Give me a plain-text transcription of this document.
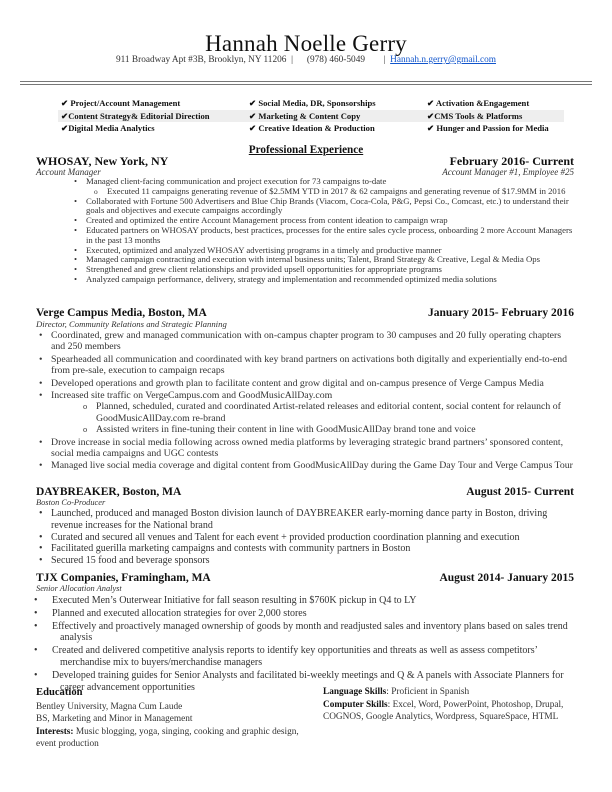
Hannah Noelle Gerry
911 Broadway Apt #3B, Brooklyn, NY 11206 | (978) 460-5049 | Hannah.n.gerry@gmail.com
✔ Project/Account Management	✔ Social Media, DR, Sponsorships	✔ Activation &Engagement
✔Content Strategy& Editorial Direction	✔ Marketing & Content Copy	✔CMS Tools & Platforms
✔Digital Media Analytics	✔ Creative Ideation & Production	✔ Hunger and Passion for Media
Professional Experience
WHOSAY, New York, NY	February 2016- Current
Account Manager	Account Manager #1, Employee #25
• Managed client-facing communication and project execution for 73 campaigns to-date
o Executed 11 campaigns generating revenue of $2.5MM YTD in 2017 & 62 campaigns and generating revenue of $17.9MM in 2016
• Collaborated with Fortune 500 Advertisers and Blue Chip Brands (Viacom, Coca-Cola, P&G, Pepsi Co., Comcast, etc.) to understand their goals and objectives and execute campaigns accordingly
• Created and optimized the entire Account Management process from content ideation to campaign wrap
• Educated partners on WHOSAY products, best practices, processes for the entire sales cycle process, onboarding 2 more Account Managers in the past 13 months
• Executed, optimized and analyzed WHOSAY advertising programs in a timely and productive manner
• Managed campaign contracting and execution with internal business units; Talent, Brand Strategy & Creative, Legal & Media Ops
• Strengthened and grew client relationships and provided upsell opportunities for appropriate programs
• Analyzed campaign performance, delivery, strategy and implementation and recommended optimized media solutions
Verge Campus Media, Boston, MA	January 2015- February 2016
Director, Community Relations and Strategic Planning
• Coordinated, grew and managed communication with on-campus chapter program to 30 campuses and 20 fully operating chapters and 250 members
• Spearheaded all communication and coordinated with key brand partners on activations both digitally and experientially end-to-end from pre-sale, execution to campaign recaps
• Developed operations and growth plan to facilitate content and grow digital and on-campus presence of Verge Campus Media
• Increased site traffic on VergeCampus.com and GoodMusicAllDay.com
o Planned, scheduled, curated and coordinated Artist-related releases and editorial content, social content for relaunch of GoodMusicAllDay.com re-brand
o Assisted writers in fine-tuning their content in line with GoodMusicAllDay brand tone and voice
• Drove increase in social media following across owned media platforms by leveraging strategic brand partners’ sponsored content, social media campaigns and UGC contests
• Managed live social media coverage and digital content from GoodMusicAllDay during the Game Day Tour and Verge Campus Tour
DAYBREAKER, Boston, MA	August 2015- Current
Boston Co-Producer
• Launched, produced and managed Boston division launch of DAYBREAKER early-morning dance party in Boston, driving revenue increases for the National brand
• Curated and secured all venues and Talent for each event + provided production coordination planning and execution
• Facilitated guerilla marketing campaigns and contests with community partners in Boston
• Secured 15 food and beverage sponsors
TJX Companies, Framingham, MA	August 2014- January 2015
Senior Allocation Analyst
• Executed Men’s Outerwear Initiative for fall season resulting in $760K pickup in Q4 to LY
• Planned and executed allocation strategies for over 2,000 stores
• Effectively and proactively managed ownership of goods by month and readjusted sales and inventory plans based on sales trend analysis
• Created and delivered competitive analysis reports to identify key opportunities and threats as well as assess competitors’ merchandise mix to buyers/merchandise managers
• Developed training guides for Senior Analysts and facilitated bi-weekly meetings and Q & A panels with Associate Planners for career advancement opportunities
Education
Bentley University, Magna Cum Laude
BS, Marketing and Minor in Management
Interests: Music blogging, yoga, singing, cooking and graphic design, event production
Language Skills: Proficient in Spanish
Computer Skills: Excel, Word, PowerPoint, Photoshop, Drupal, COGNOS, Google Analytics, Wordpress, SquareSpace, HTML
